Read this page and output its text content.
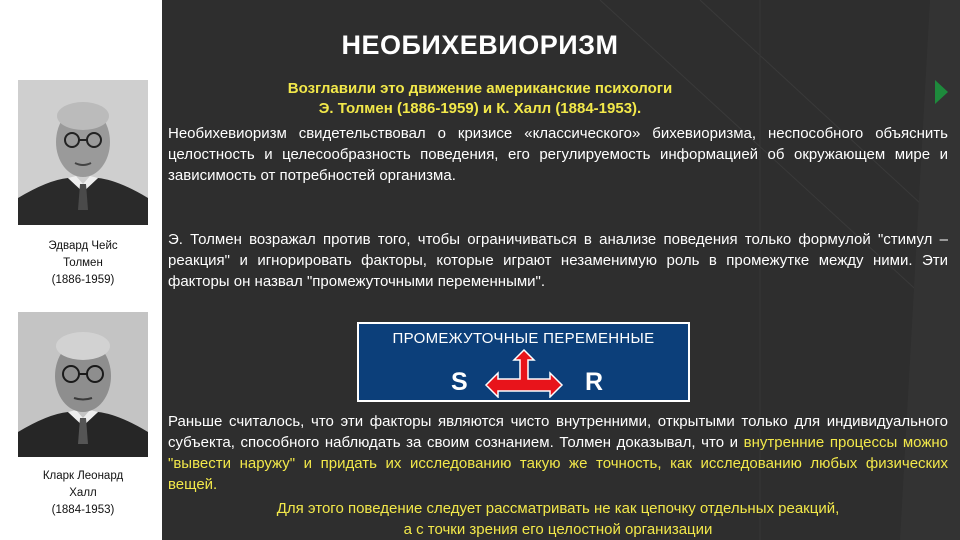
НЕОБИХЕВИОРИЗМ
Возглавили это движение американские психологи
Э. Толмен (1886-1959) и К. Халл (1884-1953).
Эдвард Чейс
Толмен
(1886-1959)
Кларк Леонард
Халл
(1884-1953)
Необихевиоризм свидетельствовал о кризисе «классического» бихевиоризма, неспособного объяснить целостность и целесообразность поведения, его регулируемость информацией об окружающем мире и зависимость от потребностей организма.
Э. Толмен возражал против того, чтобы ограничиваться в анализе поведения только формулой "стимул – реакция" и игнорировать факторы, которые играют незаменимую роль в промежутке между ними. Эти факторы он назвал "промежуточными переменными".
ПРОМЕЖУТОЧНЫЕ ПЕРЕМЕННЫЕ
S	R
Раньше считалось, что эти факторы являются чисто внутренними, открытыми только для индивидуального субъекта, способного наблюдать за своим сознанием. Толмен доказывал, что и внутренние процессы можно "вывести наружу" и придать их исследованию такую же точность, как исследованию любых физических вещей.
Для этого поведение следует рассматривать не как цепочку отдельных реакций,
а с точки зрения его целостной организации
